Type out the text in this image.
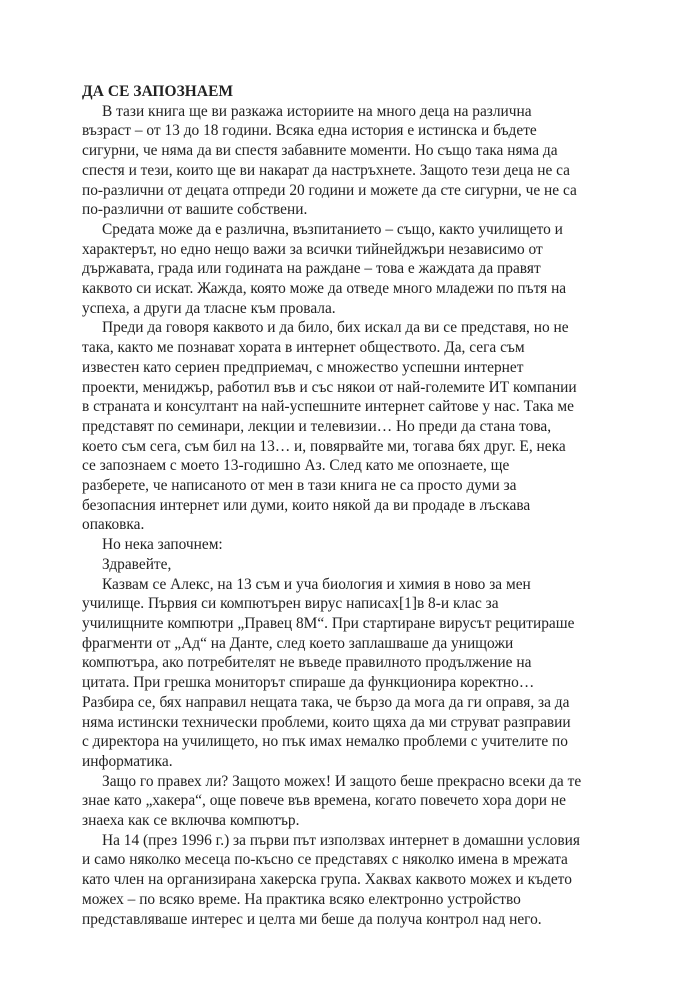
ДА СЕ ЗАПОЗНАЕМ

В тази книга ще ви разкажа историите на много деца на различна
възраст – от 13 до 18 години. Всяка една история е истинска и бъдете
сигурни, че няма да ви спестя забавните моменти. Но също така няма да
спестя и тези, които ще ви накарат да настръхнете. Защото тези деца не са
по-различни от децата отпреди 20 години и можете да сте сигурни, че не са
по-различни от вашите собствени.

Средата може да е различна, възпитанието – също, както училището и
характерът, но едно нещо важи за всички тийнейджъри независимо от
държавата, града или годината на раждане – това е жаждата да правят
каквото си искат. Жажда, която може да отведе много младежи по пътя на
успеха, а други да тласне към провала.

Преди да говоря каквото и да било, бих искал да ви се представя, но не
така, както ме познават хората в интернет обществото. Да, сега съм
известен като сериен предприемач, с множество успешни интернет
проекти, мениджър, работил във и със някои от най-големите ИТ компании
в страната и консултант на най-успешните интернет сайтове у нас. Така ме
представят по семинари, лекции и телевизии… Но преди да стана това,
което съм сега, съм бил на 13… и, повярвайте ми, тогава бях друг. Е, нека
се запознаем с моето 13-годишно Аз. След като ме опознаете, ще
разберете, че написаното от мен в тази книга не са просто думи за
безопасния интернет или думи, които някой да ви продаде в лъскава
опаковка.

Но нека започнем:

Здравейте,

Казвам се Алекс, на 13 съм и уча биология и химия в ново за мен
училище. Първия си компютърен вирус написах[1]в 8-и клас за
училищните компютри „Правец 8М“. При стартиране вирусът рецитираше
фрагменти от „Ад“ на Данте, след което заплашваше да унищожи
компютъра, ако потребителят не въведе правилното продължение на
цитата. При грешка мониторът спираше да функционира коректно…
Разбира се, бях направил нещата така, че бързо да мога да ги оправя, за да
няма истински технически проблеми, които щяха да ми струват разправии
с директора на училището, но пък имах немалко проблеми с учителите по
информатика.

Защо го правех ли? Защото можех! И защото беше прекрасно всеки да те
знае като „хакера“, още повече във времена, когато повечето хора дори не
знаеха как се включва компютър.

На 14 (през 1996 г.) за първи път използвах интернет в домашни условия
и само няколко месеца по-късно се представях с няколко имена в мрежата
като член на организирана хакерска група. Хаквах каквото можех и където
можех – по всяко време. На практика всяко електронно устройство
представляваше интерес и целта ми беше да получа контрол над него.
